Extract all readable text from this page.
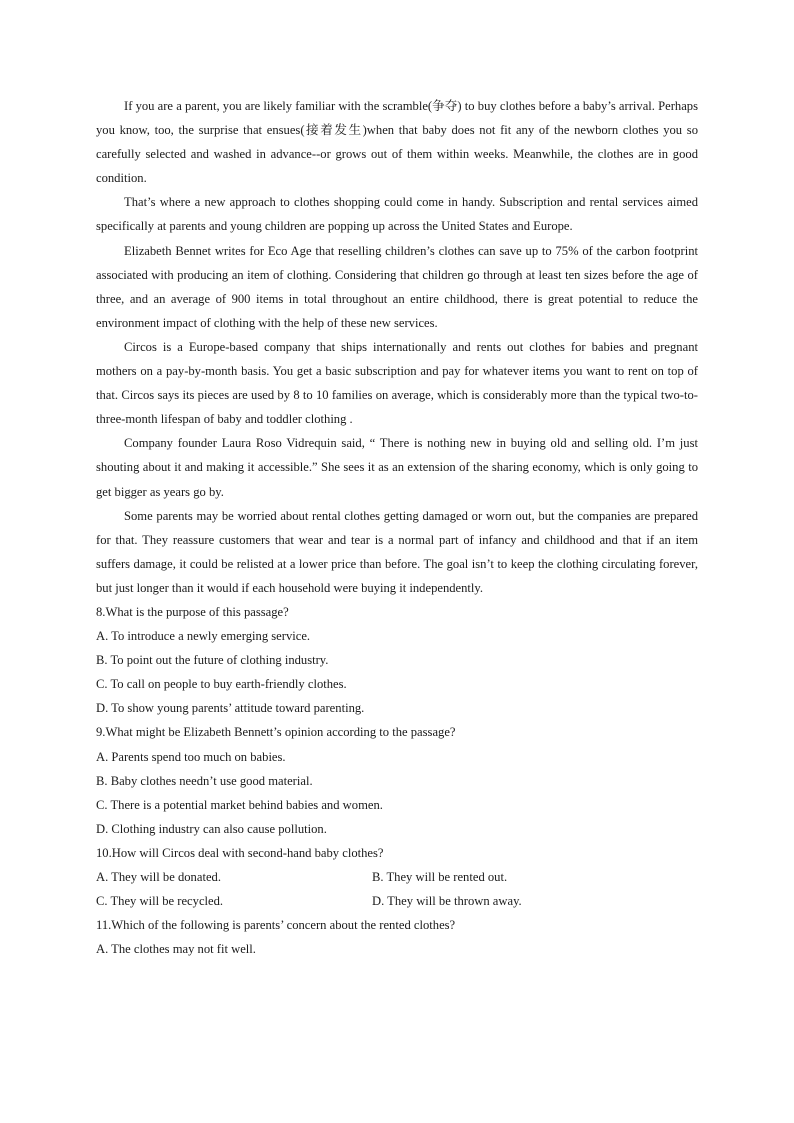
If you are a parent, you are likely familiar with the scramble(争夺) to buy clothes before a baby’s arrival. Perhaps you know, too, the surprise that ensues(接着发生)when that baby does not fit any of the newborn clothes you so carefully selected and washed in advance--or grows out of them within weeks. Meanwhile, the clothes are in good condition.

That’s where a new approach to clothes shopping could come in handy. Subscription and rental services aimed specifically at parents and young children are popping up across the United States and Europe.

Elizabeth Bennet writes for Eco Age that reselling children’s clothes can save up to 75% of the carbon footprint associated with producing an item of clothing. Considering that children go through at least ten sizes before the age of three, and an average of 900 items in total throughout an entire childhood, there is great potential to reduce the environment impact of clothing with the help of these new services.

Circos is a Europe-based company that ships internationally and rents out clothes for babies and pregnant mothers on a pay-by-month basis. You get a basic subscription and pay for whatever items you want to rent on top of that. Circos says its pieces are used by 8 to 10 families on average, which is considerably more than the typical two-to-three-month lifespan of baby and toddler clothing .

Company founder Laura Roso Vidrequin said, “ There is nothing new in buying old and selling old. I’m just shouting about it and making it accessible.” She sees it as an extension of the sharing economy, which is only going to get bigger as years go by.

Some parents may be worried about rental clothes getting damaged or worn out, but the companies are prepared for that. They reassure customers that wear and tear is a normal part of infancy and childhood and that if an item suffers damage, it could be relisted at a lower price than before. The goal isn’t to keep the clothing circulating forever, but just longer than it would if each household were buying it independently.

8.What is the purpose of this passage?

A. To introduce a newly emerging service.

B. To point out the future of clothing industry.

C. To call on people to buy earth-friendly clothes.

D. To show young parents’ attitude toward parenting.

9.What might be Elizabeth Bennett’s opinion according to the passage?

A. Parents spend too much on babies.

B. Baby clothes needn’t use good material.

C. There is a potential market behind babies and women.

D. Clothing industry can also cause pollution.

10.How will Circos deal with second-hand baby clothes?

A. They will be donated.	B. They will be rented out.
C. They will be recycled.	D. They will be thrown away.

11.Which of the following is parents’ concern about the rented clothes?

A. The clothes may not fit well.
